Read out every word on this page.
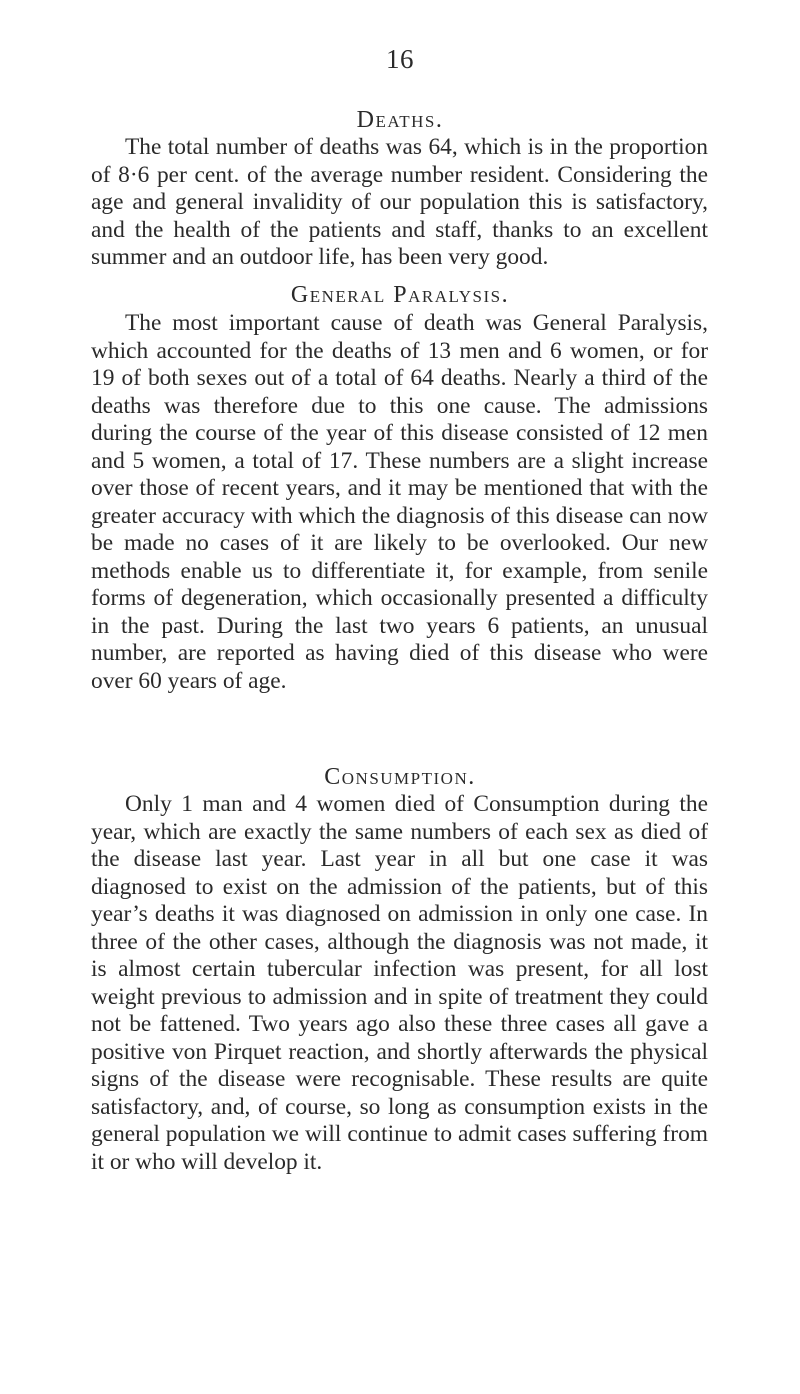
16
Deaths.

The total number of deaths was 64, which is in the proportion of 8·6 per cent. of the average number resident. Considering the age and general invalidity of our population this is satisfactory, and the health of the patients and staff, thanks to an excellent summer and an outdoor life, has been very good.

General Paralysis.

The most important cause of death was General Paralysis, which accounted for the deaths of 13 men and 6 women, or for 19 of both sexes out of a total of 64 deaths. Nearly a third of the deaths was therefore due to this one cause. The admissions during the course of the year of this disease consisted of 12 men and 5 women, a total of 17. These numbers are a slight increase over those of recent years, and it may be mentioned that with the greater accuracy with which the diagnosis of this disease can now be made no cases of it are likely to be overlooked. Our new methods enable us to differentiate it, for example, from senile forms of degeneration, which occasionally presented a difficulty in the past. During the last two years 6 patients, an unusual number, are reported as having died of this disease who were over 60 years of age.

Consumption.

Only 1 man and 4 women died of Consumption during the year, which are exactly the same numbers of each sex as died of the disease last year. Last year in all but one case it was diagnosed to exist on the admission of the patients, but of this year’s deaths it was diagnosed on admission in only one case. In three of the other cases, although the diagnosis was not made, it is almost certain tubercular infection was present, for all lost weight previous to admission and in spite of treatment they could not be fattened. Two years ago also these three cases all gave a positive von Pirquet reaction, and shortly afterwards the physical signs of the disease were recognisable. These results are quite satisfactory, and, of course, so long as consumption exists in the general population we will continue to admit cases suffering from it or who will develop it.
